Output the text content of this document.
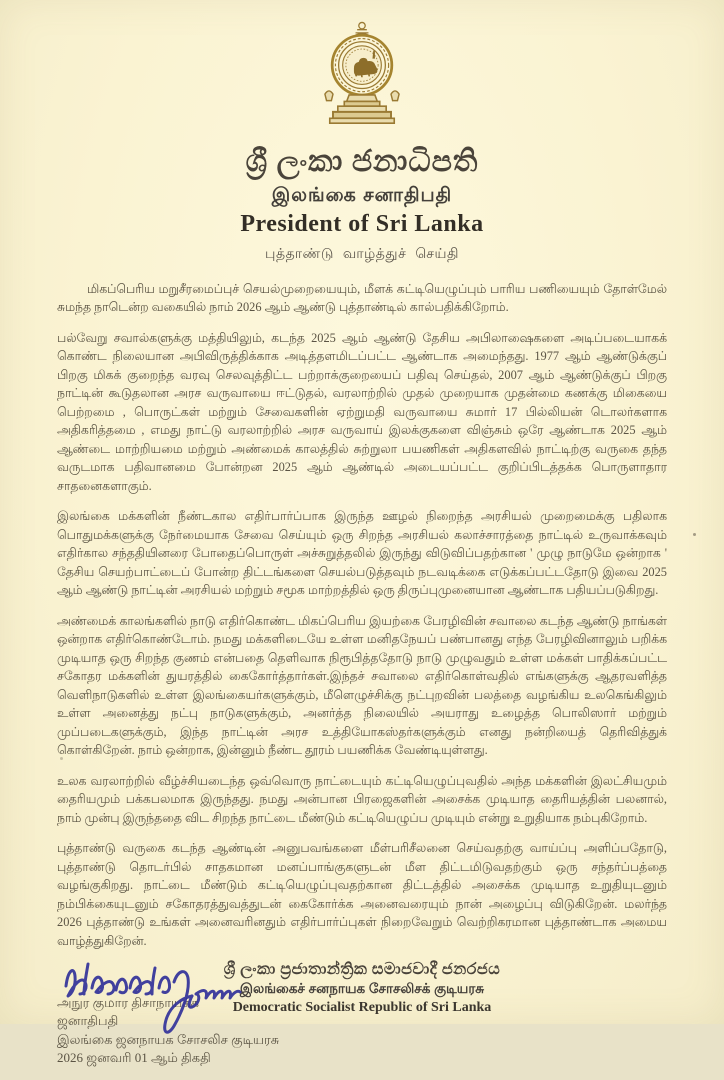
ශ්‍රී ලංකා ජනාධිපති
இலங்கை சனாதிபதி
President of Sri Lanka
புத்தாண்டு வாழ்த்துச் செய்தி

மிகப்பெரிய மறுசீரமைப்புச் செயல்முறையையும், மீளக் கட்டியெழுப்பும் பாரிய பணியையும் தோள்மேல் சுமந்த நாடென்ற வகையில் நாம் 2026 ஆம் ஆண்டு புத்தாண்டில் கால்பதிக்கிறோம்.

பல்வேறு சவால்களுக்கு மத்தியிலும், கடந்த 2025 ஆம் ஆண்டு தேசிய அபிலாஷைகளை அடிப்படையாகக் கொண்ட நிலையான அபிவிருத்திக்காக அடித்தளமிடப்பட்ட ஆண்டாக அமைந்தது. 1977 ஆம் ஆண்டுக்குப் பிறகு மிகக் குறைந்த வரவு செலவுத்திட்ட பற்றாக்குறையைப் பதிவு செய்தல், 2007 ஆம் ஆண்டுக்குப் பிறகு நாட்டின் கூடுதலான அரச வருவாயை ஈட்டுதல், வரலாற்றில் முதல் முறையாக முதன்மை கணக்கு மிகையை பெற்றமை , பொருட்கள் மற்றும் சேவைகளின் ஏற்றுமதி வருவாயை சுமார் 17 பில்லியன் டொலர்களாக அதிகரித்தமை , எமது நாட்டு வரலாற்றில் அரச வருவாய் இலக்குகளை விஞ்சும் ஒரே ஆண்டாக 2025 ஆம் ஆண்டை மாற்றியமை மற்றும் அண்மைக் காலத்தில் சுற்றுலா பயணிகள் அதிகளவில் நாட்டிற்கு வருகை தந்த வருடமாக பதிவானமை போன்றன 2025 ஆம் ஆண்டில் அடையப்பட்ட குறிப்பிடத்தக்க பொருளாதார சாதனைகளாகும்.

இலங்கை மக்களின் நீண்டகால எதிர்பார்ப்பாக இருந்த ஊழல் நிறைந்த அரசியல் முறைமைக்கு பதிலாக பொதுமக்களுக்கு நேர்மையாக சேவை செய்யும் ஒரு சிறந்த அரசியல் கலாச்சாரத்தை நாட்டில் உருவாக்கவும் எதிர்கால சந்ததியினரை போதைப்பொருள் அச்சுறுத்தலில் இருந்து விடுவிப்பதற்கான ' முழு நாடுமே ஒன்றாக ' தேசிய செயற்பாட்டைப் போன்ற திட்டங்களை செயல்படுத்தவும் நடவடிக்கை எடுக்கப்பட்டதோடு இவை 2025 ஆம் ஆண்டு நாட்டின் அரசியல் மற்றும் சமூக மாற்றத்தில் ஒரு திருப்புமுனையான ஆண்டாக பதியப்படுகிறது.

அண்மைக் காலங்களில் நாடு எதிர்கொண்ட மிகப்பெரிய இயற்கை பேரழிவின் சவாலை கடந்த ஆண்டு நாங்கள் ஒன்றாக எதிர்கொண்டோம். நமது மக்களிடையே உள்ள மனிதநேயப் பண்பானது எந்த பேரழிவினாலும் பறிக்க முடியாத ஒரு சிறந்த குணம் என்பதை தெளிவாக நிரூபித்ததோடு நாடு முழுவதும் உள்ள மக்கள் பாதிக்கப்பட்ட சகோதர மக்களின் துயரத்தில் கைகோர்த்தார்கள்.இந்தச் சவாலை எதிர்கொள்வதில் எங்களுக்கு ஆதரவளித்த வெளிநாடுகளில் உள்ள இலங்கையர்களுக்கும், மீளெழுச்சிக்கு நட்புறவின் பலத்தை வழங்கிய உலகெங்கிலும் உள்ள அனைத்து நட்பு நாடுகளுக்கும், அனர்த்த நிலையில் அயராது உழைத்த பொலிஸார் மற்றும் முப்படைகளுக்கும், இந்த நாட்டின் அரச உத்தியோகஸ்தர்களுக்கும் எனது நன்றியைத் தெரிவித்துக் கொள்கிறேன். நாம் ஒன்றாக, இன்னும் நீண்ட தூரம் பயணிக்க வேண்டியுள்ளது.

உலக வரலாற்றில் வீழ்ச்சியடைந்த ஒவ்வொரு நாட்டையும் கட்டியெழுப்புவதில் அந்த மக்களின் இலட்சியமும் தைரியமும் பக்கபலமாக இருந்தது. நமது அன்பான பிரஜைகளின் அசைக்க முடியாத தைரியத்தின் பலனால், நாம் முன்பு இருந்ததை விட சிறந்த நாட்டை மீண்டும் கட்டியெழுப்ப முடியும் என்று உறுதியாக நம்புகிறோம்.

புத்தாண்டு வருகை கடந்த ஆண்டின் அனுபவங்களை மீள்பரிசீலனை செய்வதற்கு வாய்ப்பு அளிப்பதோடு, புத்தாண்டு தொடர்பில் சாதகமான மனப்பாங்குகளுடன் மீள திட்டமிடுவதற்கும் ஒரு சந்தர்ப்பத்தை வழங்குகிறது. நாட்டை மீண்டும் கட்டியெழுப்புவதற்கான திட்டத்தில் அசைக்க முடியாத உறுதியுடனும் நம்பிக்கையுடனும் சகோதரத்துவத்துடன் கைகோர்க்க அனைவரையும் நான் அழைப்பு விடுகிறேன். மலர்ந்த 2026 புத்தாண்டு உங்கள் அனைவரினதும் எதிர்பார்ப்புகள் நிறைவேறும் வெற்றிகரமான புத்தாண்டாக அமைய வாழ்த்துகிறேன்.

அநுர குமார திசாநாயக்க
ஜனாதிபதி
இலங்கை ஜனநாயக சோசலிச குடியரசு
2026 ஜனவரி 01 ஆம் திகதி
ශ්‍රී ලංකා ප්‍රජාතාන්ත්‍රික සමාජවාදී ජනරජය
இலங்கைச் சனநாயக சோசலிசக் குடியரசு
Democratic Socialist Republic of Sri Lanka
